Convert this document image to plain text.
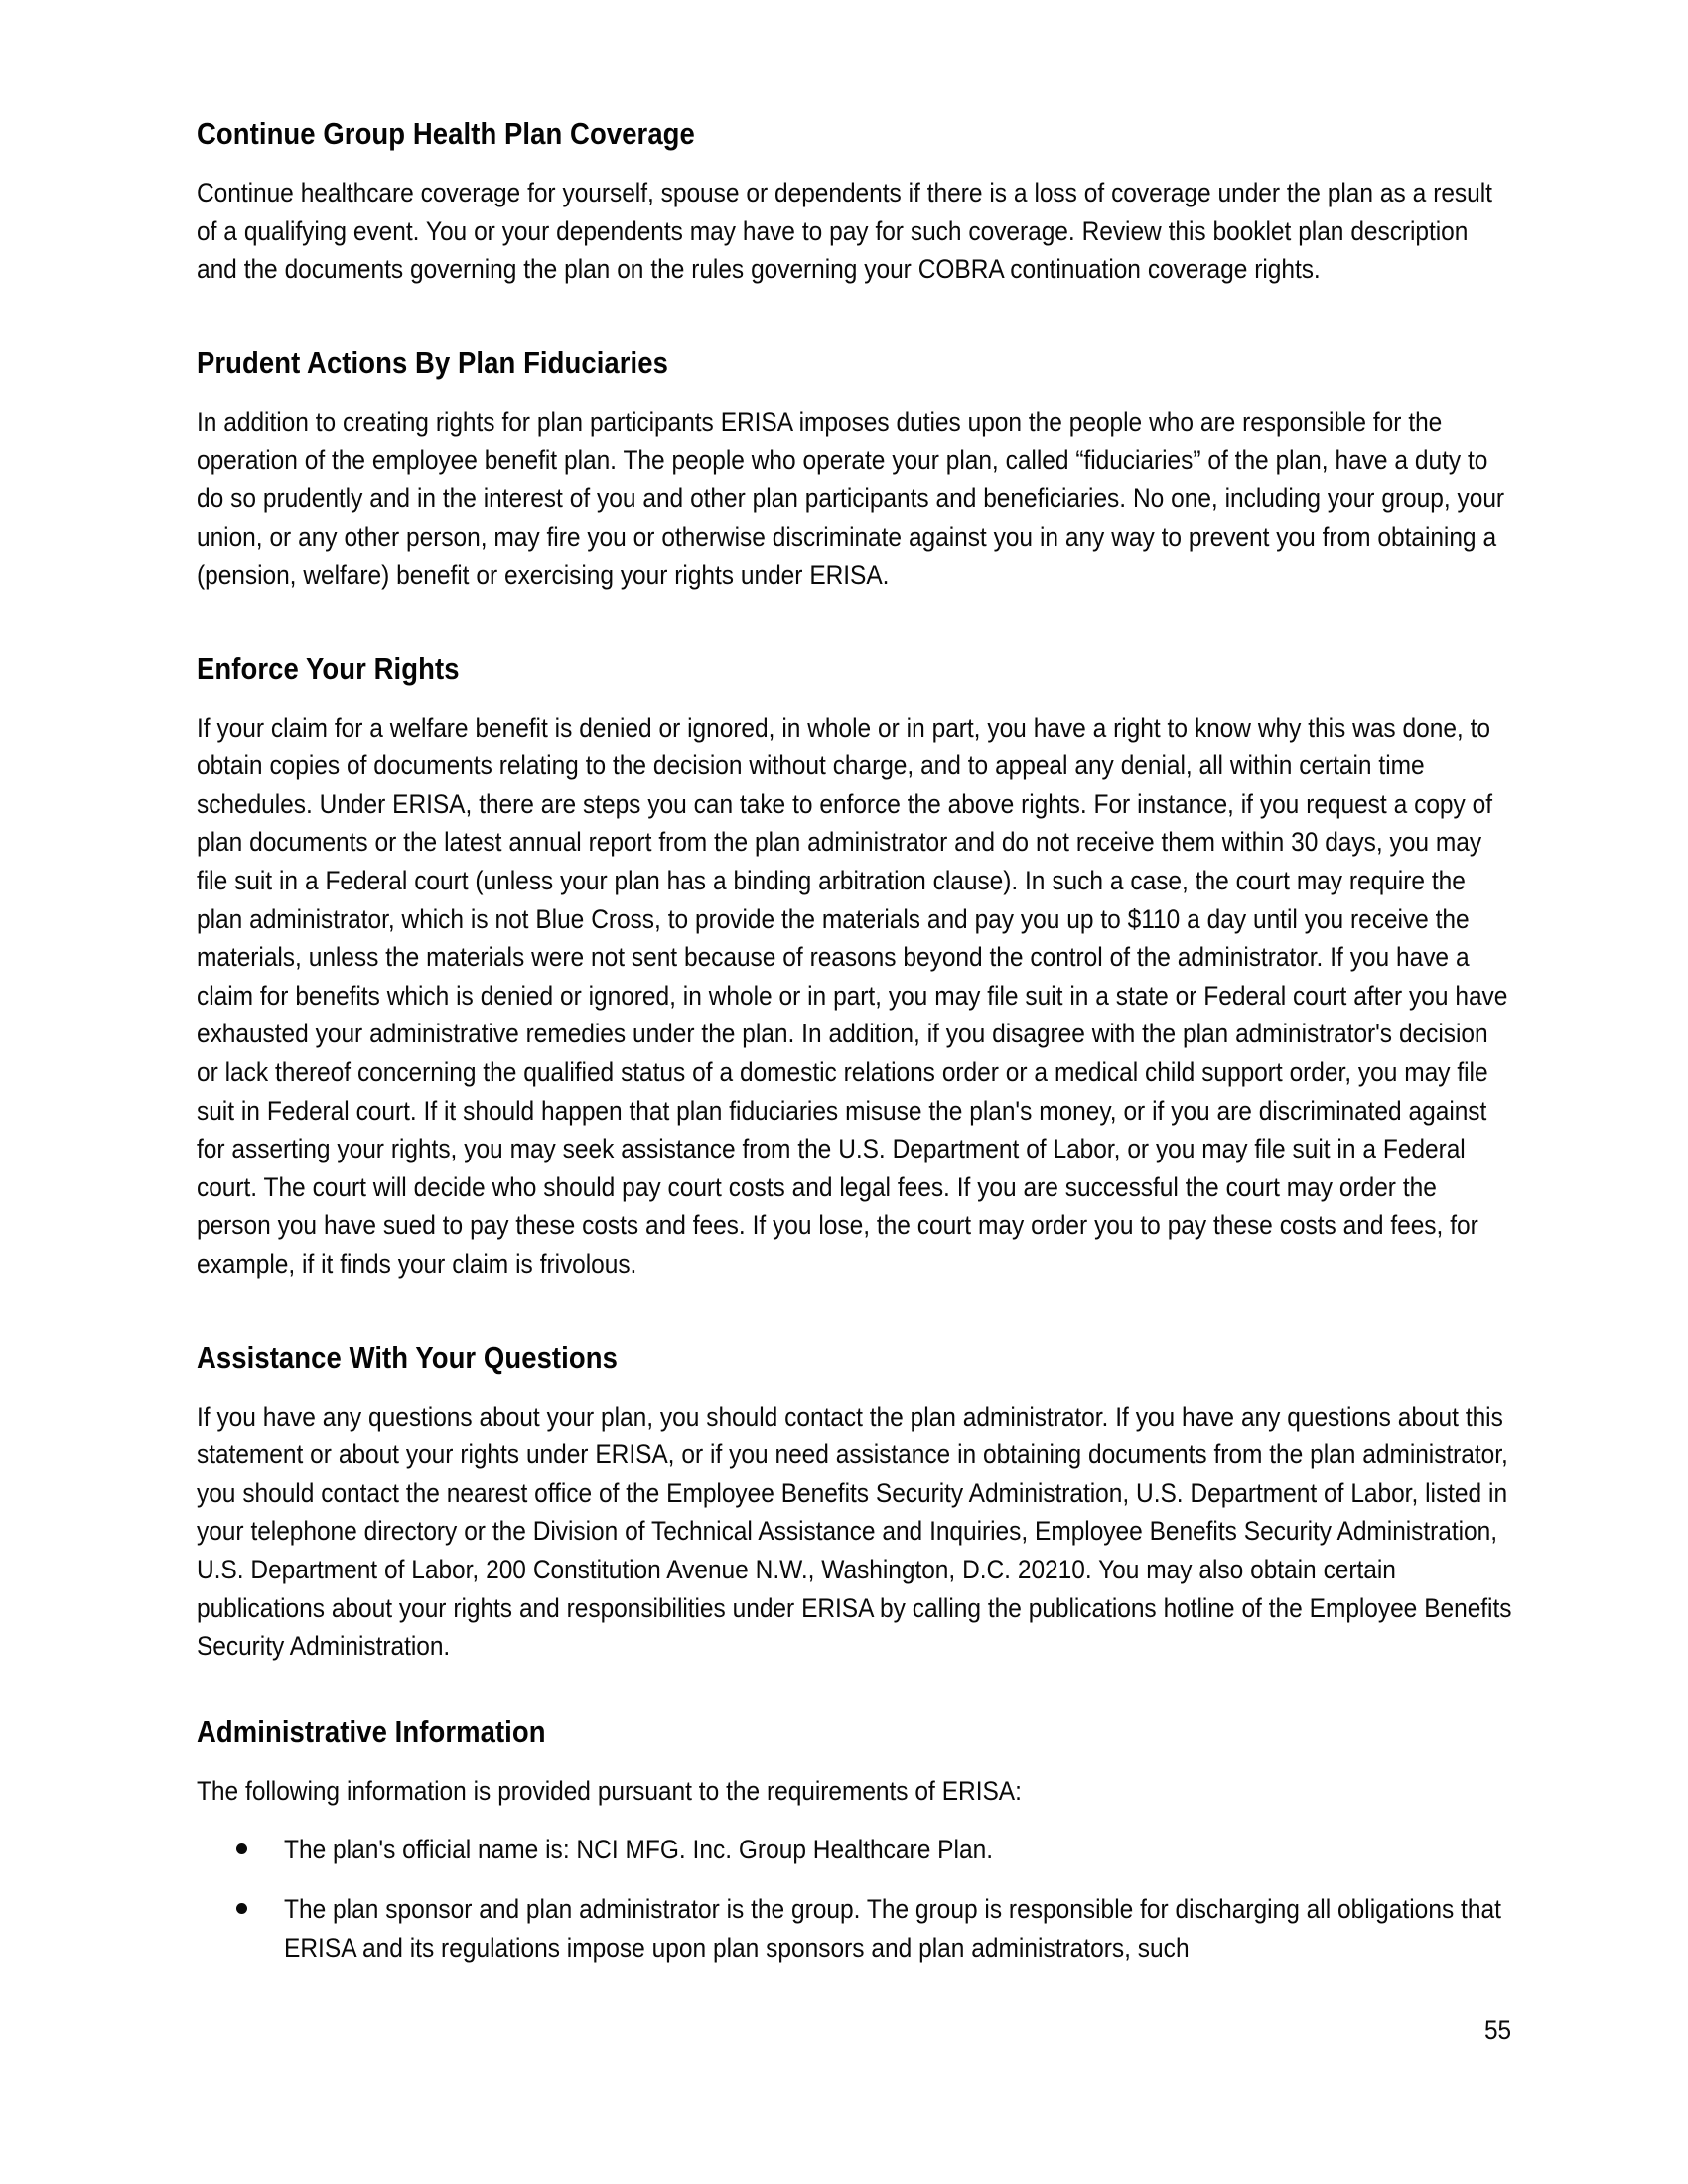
Continue Group Health Plan Coverage

Continue healthcare coverage for yourself, spouse or dependents if there is a loss of coverage under the plan as a result of a qualifying event. You or your dependents may have to pay for such coverage. Review this booklet plan description and the documents governing the plan on the rules governing your COBRA continuation coverage rights.

Prudent Actions By Plan Fiduciaries

In addition to creating rights for plan participants ERISA imposes duties upon the people who are responsible for the operation of the employee benefit plan. The people who operate your plan, called “fiduciaries” of the plan, have a duty to do so prudently and in the interest of you and other plan participants and beneficiaries. No one, including your group, your union, or any other person, may fire you or otherwise discriminate against you in any way to prevent you from obtaining a (pension, welfare) benefit or exercising your rights under ERISA.

Enforce Your Rights

If your claim for a welfare benefit is denied or ignored, in whole or in part, you have a right to know why this was done, to obtain copies of documents relating to the decision without charge, and to appeal any denial, all within certain time schedules. Under ERISA, there are steps you can take to enforce the above rights. For instance, if you request a copy of plan documents or the latest annual report from the plan administrator and do not receive them within 30 days, you may file suit in a Federal court (unless your plan has a binding arbitration clause). In such a case, the court may require the plan administrator, which is not Blue Cross, to provide the materials and pay you up to $110 a day until you receive the materials, unless the materials were not sent because of reasons beyond the control of the administrator. If you have a claim for benefits which is denied or ignored, in whole or in part, you may file suit in a state or Federal court after you have exhausted your administrative remedies under the plan. In addition, if you disagree with the plan administrator's decision or lack thereof concerning the qualified status of a domestic relations order or a medical child support order, you may file suit in Federal court. If it should happen that plan fiduciaries misuse the plan's money, or if you are discriminated against for asserting your rights, you may seek assistance from the U.S. Department of Labor, or you may file suit in a Federal court. The court will decide who should pay court costs and legal fees. If you are successful the court may order the person you have sued to pay these costs and fees. If you lose, the court may order you to pay these costs and fees, for example, if it finds your claim is frivolous.

Assistance With Your Questions

If you have any questions about your plan, you should contact the plan administrator. If you have any questions about this statement or about your rights under ERISA, or if you need assistance in obtaining documents from the plan administrator, you should contact the nearest office of the Employee Benefits Security Administration, U.S. Department of Labor, listed in your telephone directory or the Division of Technical Assistance and Inquiries, Employee Benefits Security Administration, U.S. Department of Labor, 200 Constitution Avenue N.W., Washington, D.C. 20210. You may also obtain certain publications about your rights and responsibilities under ERISA by calling the publications hotline of the Employee Benefits Security Administration.

Administrative Information

The following information is provided pursuant to the requirements of ERISA:

The plan's official name is: NCI MFG. Inc. Group Healthcare Plan.
The plan sponsor and plan administrator is the group. The group is responsible for discharging all obligations that ERISA and its regulations impose upon plan sponsors and plan administrators, such
55
